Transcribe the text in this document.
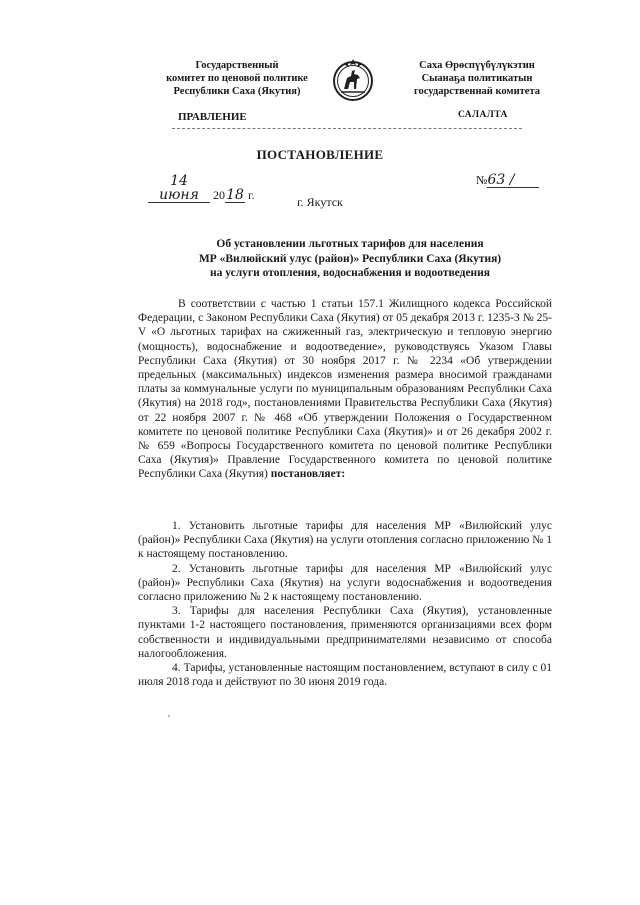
Государственный
комитет по ценовой политике
Республики Саха (Якутия)
Саха Өрөспүүбүлүкэтин
Сыанаҕа политикатын
государственнай комитета
ПРАВЛЕНИЕ	САЛАЛТА
ПОСТАНОВЛЕНИЕ
14 июня 2018 г.
№63 /
г. Якутск
Об установлении льготных тарифов для населения
МР «Вилюйский улус (район)» Республики Саха (Якутия)
на услуги отопления, водоснабжения и водоотведения

В соответствии с частью 1 статьи 157.1 Жилищного кодекса Российской Федерации, с Законом Республики Саха (Якутия) от 05 декабря 2013 г. 1235-З № 25-V «О льготных тарифах на сжиженный газ, электрическую и тепловую энергию (мощность), водоснабжение и водоотведение», руководствуясь Указом Главы Республики Саха (Якутия) от 30 ноября 2017 г. № 2234 «Об утверждении предельных (максимальных) индексов изменения размера вносимой гражданами платы за коммунальные услуги по муниципальным образованиям Республики Саха (Якутия) на 2018 год», постановлениями Правительства Республики Саха (Якутия) от 22 ноября 2007 г. № 468 «Об утверждении Положения о Государственном комитете по ценовой политике Республики Саха (Якутия)» и от 26 декабря 2002 г. № 659 «Вопросы Государственного комитета по ценовой политике Республики Саха (Якутия)» Правление Государственного комитета по ценовой политике Республики Саха (Якутия) постановляет:

1. Установить льготные тарифы для населения МР «Вилюйский улус (район)» Республики Саха (Якутия) на услуги отопления согласно приложению № 1 к настоящему постановлению.

2. Установить льготные тарифы для населения МР «Вилюйский улус (район)» Республики Саха (Якутия) на услуги водоснабжения и водоотведения согласно приложению № 2 к настоящему постановлению.

3. Тарифы для населения Республики Саха (Якутия), установленные пунктами 1-2 настоящего постановления, применяются организациями всех форм собственности и индивидуальными предпринимателями независимо от способа налогообложения.

4. Тарифы, установленные настоящим постановлением, вступают в силу с 01 июля 2018 года и действуют по 30 июня 2019 года.
